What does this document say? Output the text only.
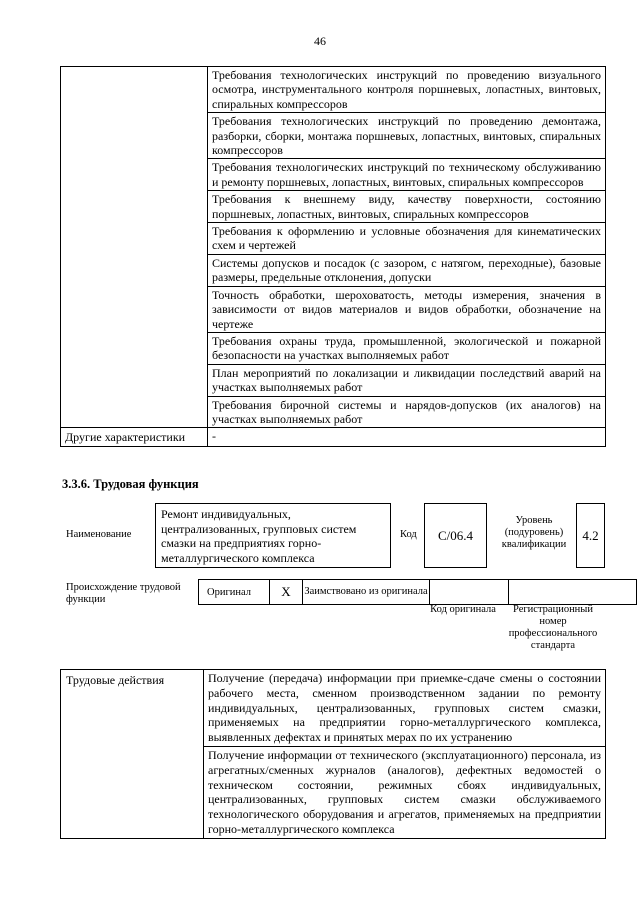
46
	Требования технологических инструкций по проведению визуального осмотра, инструментального контроля поршневых, лопастных, винтовых, спиральных компрессоров
	Требования технологических инструкций по проведению демонтажа, разборки, сборки, монтажа поршневых, лопастных, винтовых, спиральных компрессоров
	Требования технологических инструкций по техническому обслуживанию и ремонту поршневых, лопастных, винтовых, спиральных компрессоров
	Требования к внешнему виду, качеству поверхности, состоянию поршневых, лопастных, винтовых, спиральных компрессоров
	Требования к оформлению и условные обозначения для кинематических схем и чертежей
	Системы допусков и посадок (с зазором, с натягом, переходные), базовые размеры, предельные отклонения, допуски
	Точность обработки, шероховатость, методы измерения, значения в зависимости от видов материалов и видов обработки, обозначение на чертеже
	Требования охраны труда, промышленной, экологической и пожарной безопасности на участках выполняемых работ
	План мероприятий по локализации и ликвидации последствий аварий на участках выполняемых работ
	Требования бирочной системы и нарядов-допусков (их аналогов) на участках выполняемых работ
Другие характеристики	-
3.3.6. Трудовая функция
Наименование
Ремонт индивидуальных, централизованных, групповых систем смазки на предприятиях горно-металлургического комплекса
Код	C/06.4
Уровень (подуровень) квалификации
4.2
Происхождение трудовой функции
Оригинал	X	Заимствовано из оригинала		
Код оригинала	Регистрационный номер профессионального стандарта
Трудовые действия	Получение (передача) информации при приемке-сдаче смены о состоянии рабочего места, сменном производственном задании по ремонту индивидуальных, централизованных, групповых систем смазки, применяемых на предприятии горно-металлургического комплекса, выявленных дефектах и принятых мерах по их устранению
Получение информации от технического (эксплуатационного) персонала, из агрегатных/сменных журналов (аналогов), дефектных ведомостей о техническом состоянии, режимных сбоях индивидуальных, централизованных, групповых систем смазки обслуживаемого технологического оборудования и агрегатов, применяемых на предприятии горно-металлургического комплекса
